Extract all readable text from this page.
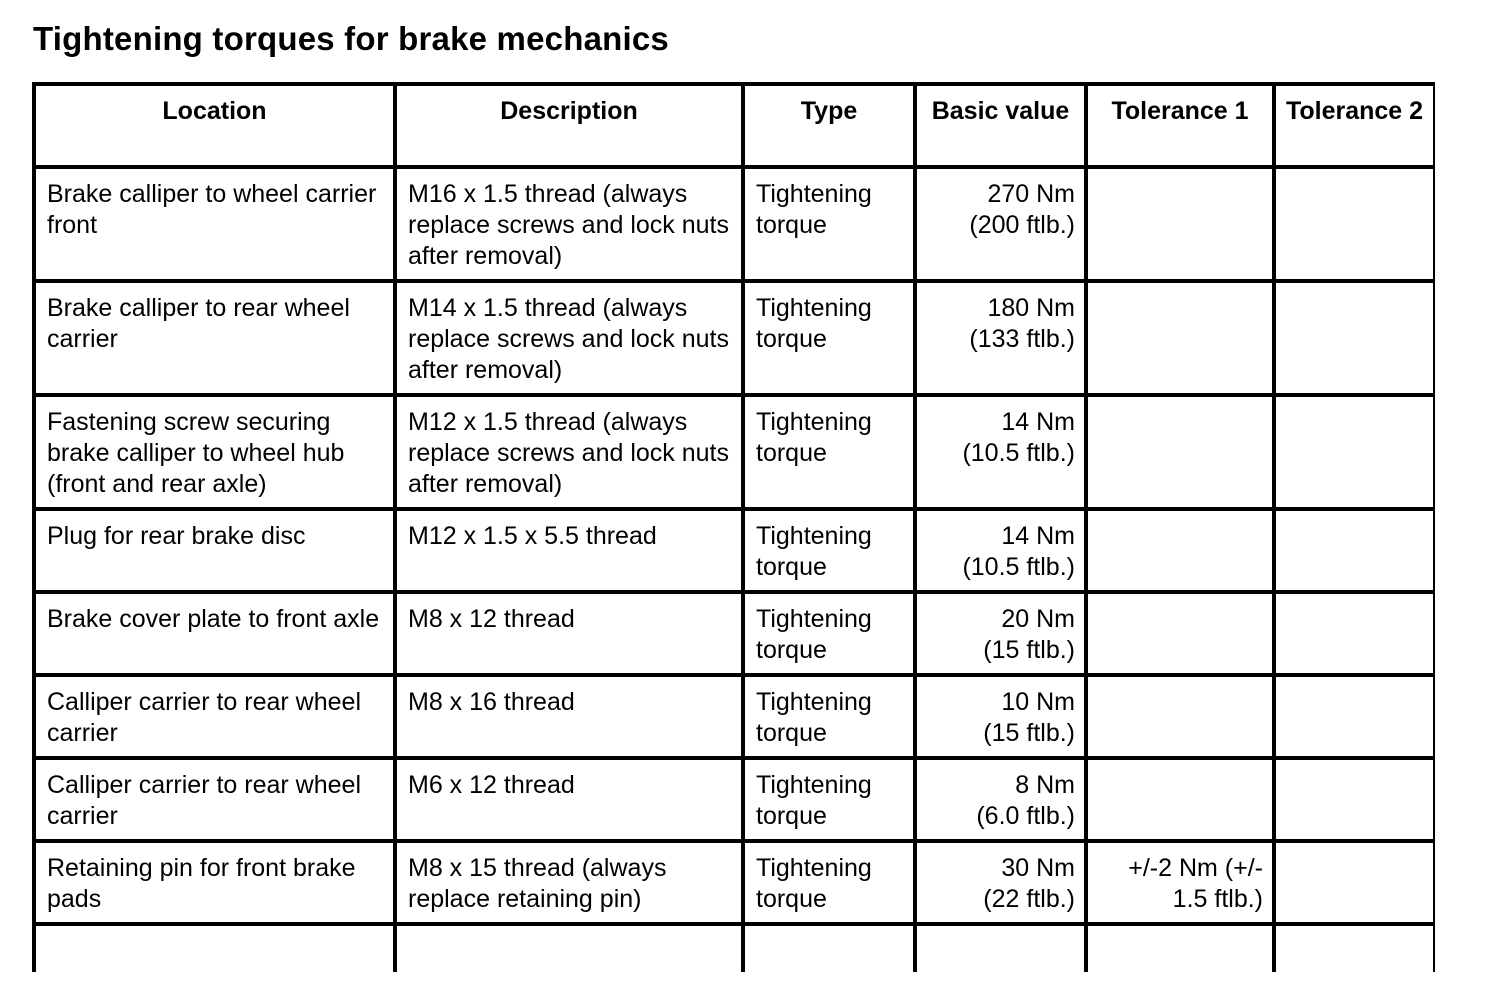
Tightening torques for brake mechanics
Location	Description	Type	Basic value	Tolerance 1	Tolerance 2
Brake calliper to wheel carrier front	M16 x 1.5 thread (always replace screws and lock nuts after removal)	Tightening torque	270 Nm
(200 ftlb.)		

Brake calliper to rear wheel carrier	M14 x 1.5 thread (always replace screws and lock nuts after removal)	Tightening torque	180 Nm
(133 ftlb.)		

Fastening screw securing brake calliper to wheel hub (front and rear axle)	M12 x 1.5 thread (always replace screws and lock nuts after removal)	Tightening torque	14 Nm
(10.5 ftlb.)		

Plug for rear brake disc	M12 x 1.5 x 5.5 thread	Tightening torque	14 Nm
(10.5 ftlb.)		

Brake cover plate to front axle	M8 x 12 thread	Tightening torque	20 Nm
(15 ftlb.)		

Calliper carrier to rear wheel carrier	M8 x 16 thread	Tightening torque	10 Nm
(15 ftlb.)		

Calliper carrier to rear wheel carrier	M6 x 12 thread	Tightening torque	8 Nm
(6.0 ftlb.)		

Retaining pin for front brake pads	M8 x 15 thread (always replace retaining pin)	Tightening torque	30 Nm
(22 ftlb.)	+/-2 Nm (+/-
1.5 ftlb.)	
